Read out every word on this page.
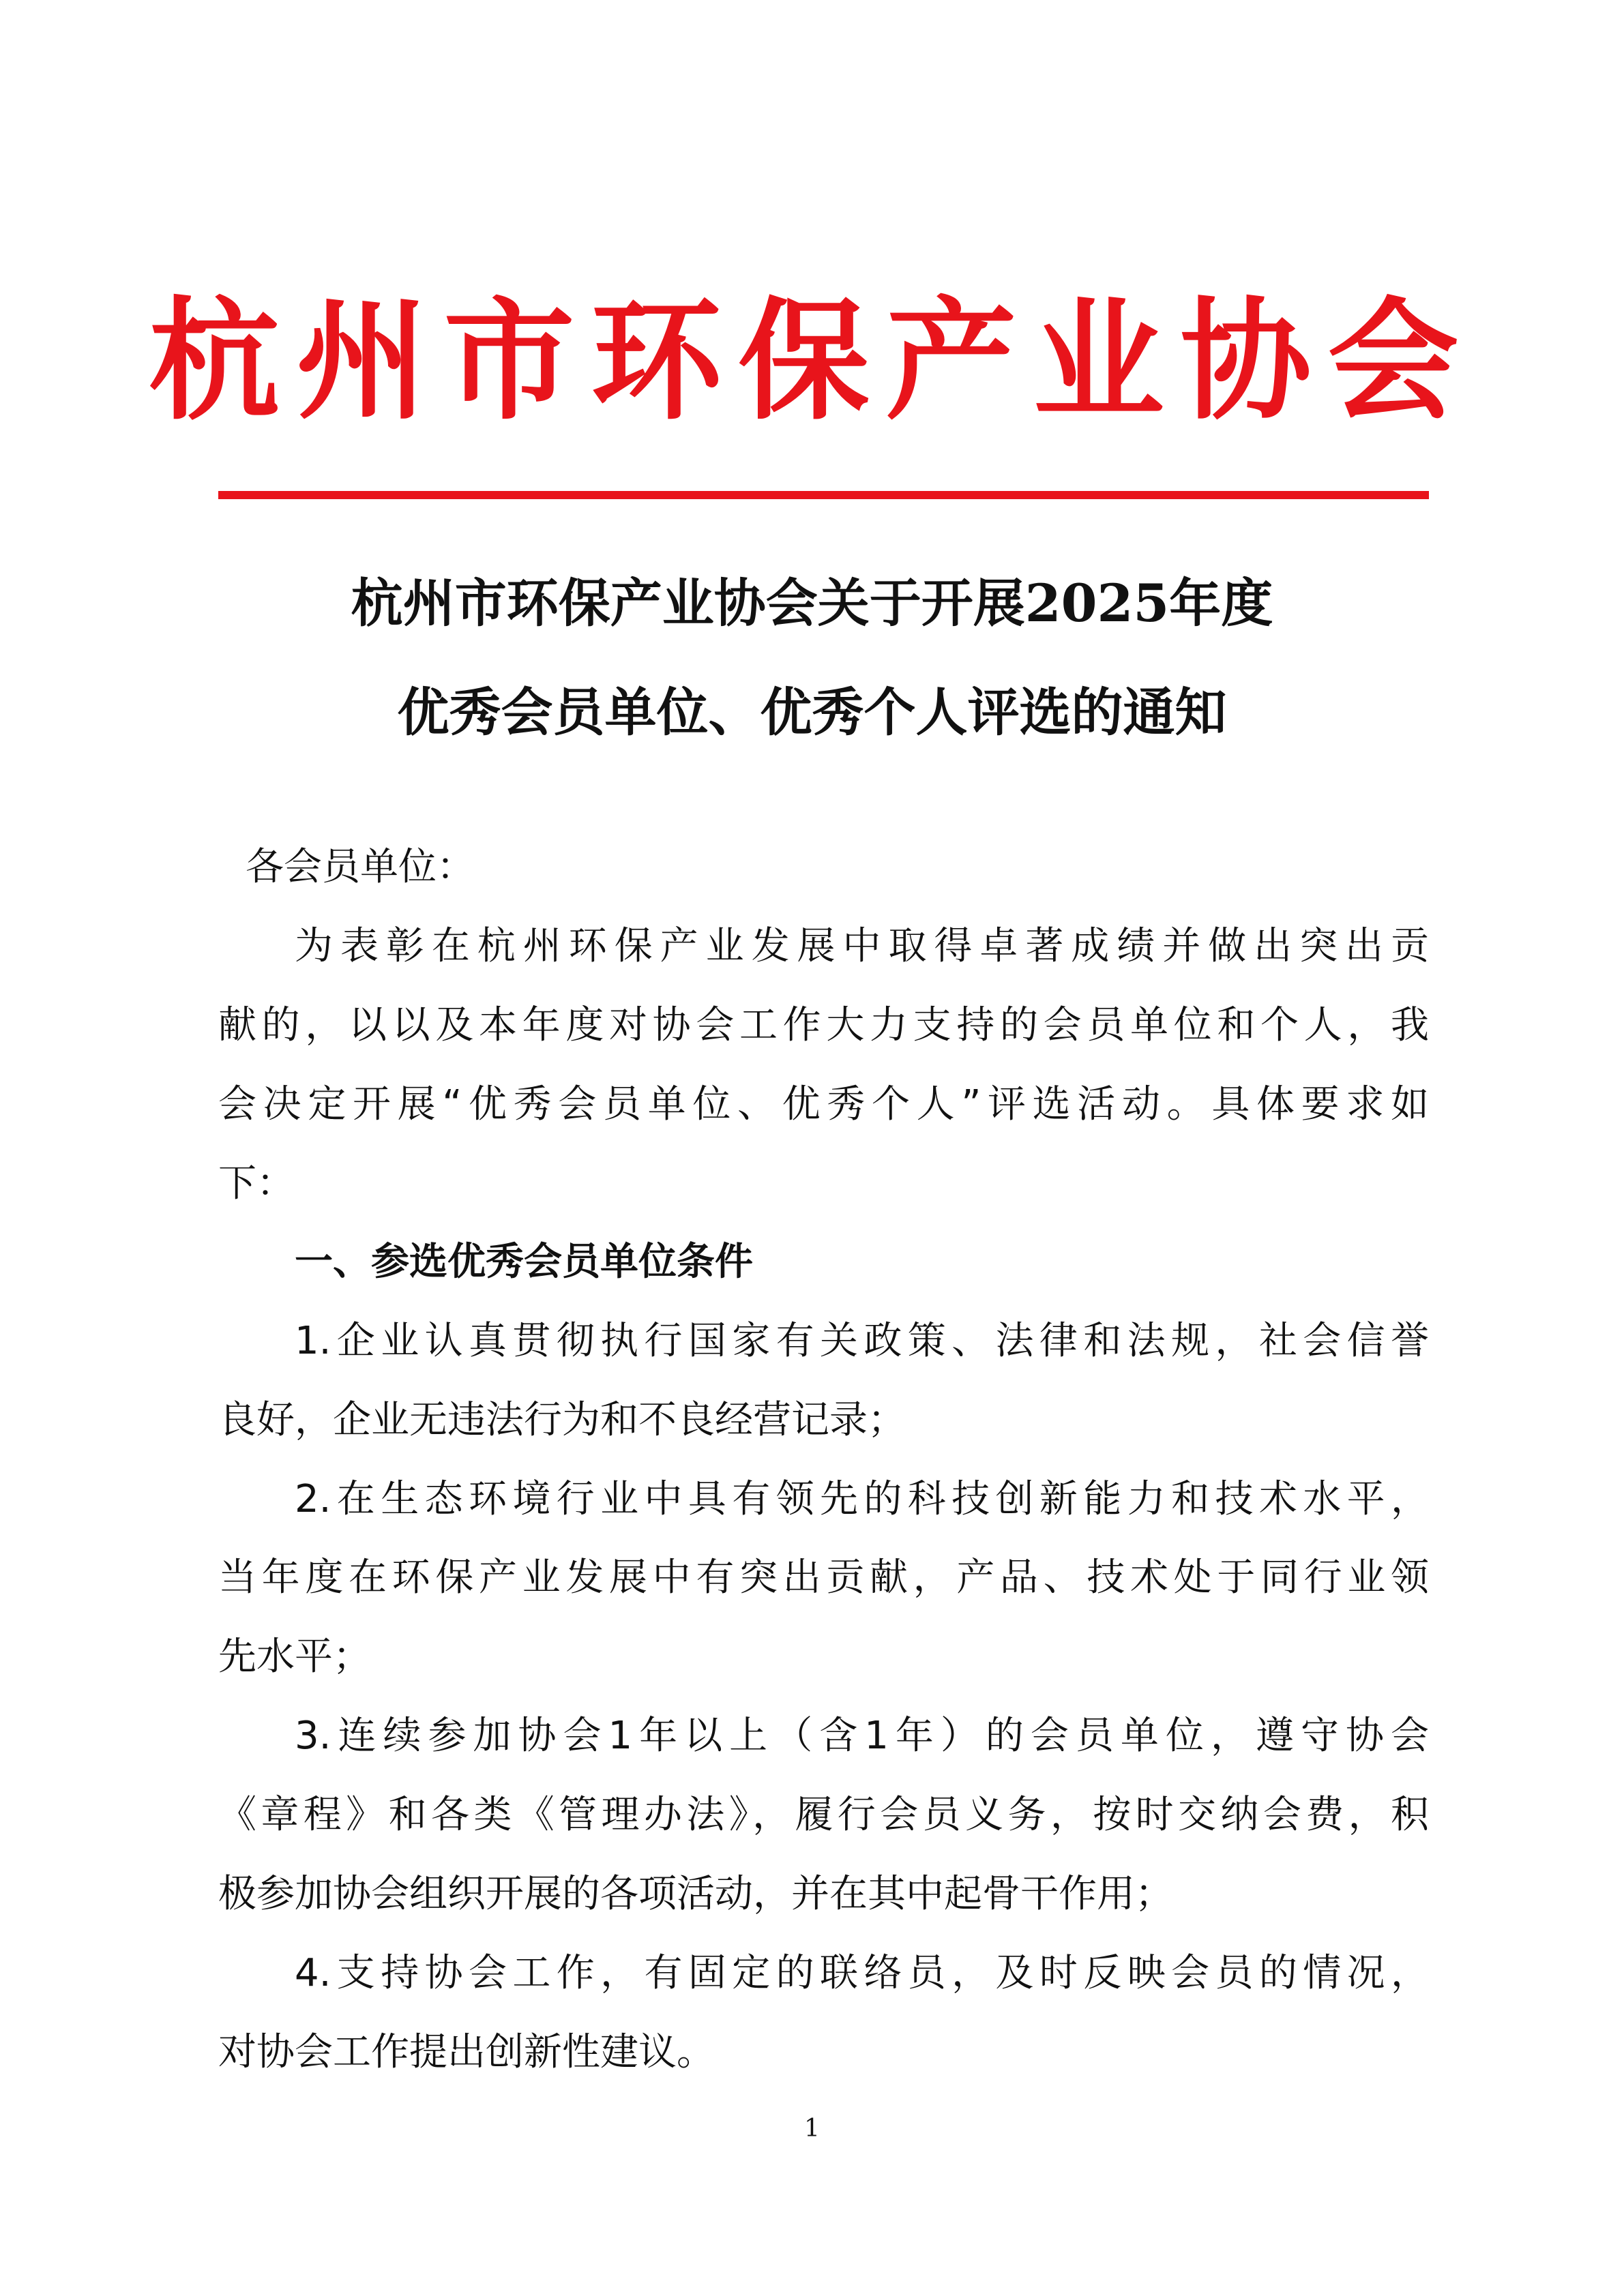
杭州市环保产业协会
杭州市环保产业协会关于开展2025年度
优秀会员单位、优秀个人评选的通知
各会员单位：
为表彰在杭州环保产业发展中取得卓著成绩并做出突出贡
献的，以以及本年度对协会工作大力支持的会员单位和个人，我
会决定开展“优秀会员单位、优秀个人”评选活动。具体要求如
下：
一、参选优秀会员单位条件
1.企业认真贯彻执行国家有关政策、法律和法规，社会信誉
良好，企业无违法行为和不良经营记录；
2.在生态环境行业中具有领先的科技创新能力和技术水平，
当年度在环保产业发展中有突出贡献，产品、技术处于同行业领
先水平；
3.连续参加协会1年以上（含1年）的会员单位，遵守协会
《章程》和各类《管理办法》，履行会员义务，按时交纳会费，积
极参加协会组织开展的各项活动，并在其中起骨干作用；
4.支持协会工作，有固定的联络员，及时反映会员的情况，
对协会工作提出创新性建议。
1
